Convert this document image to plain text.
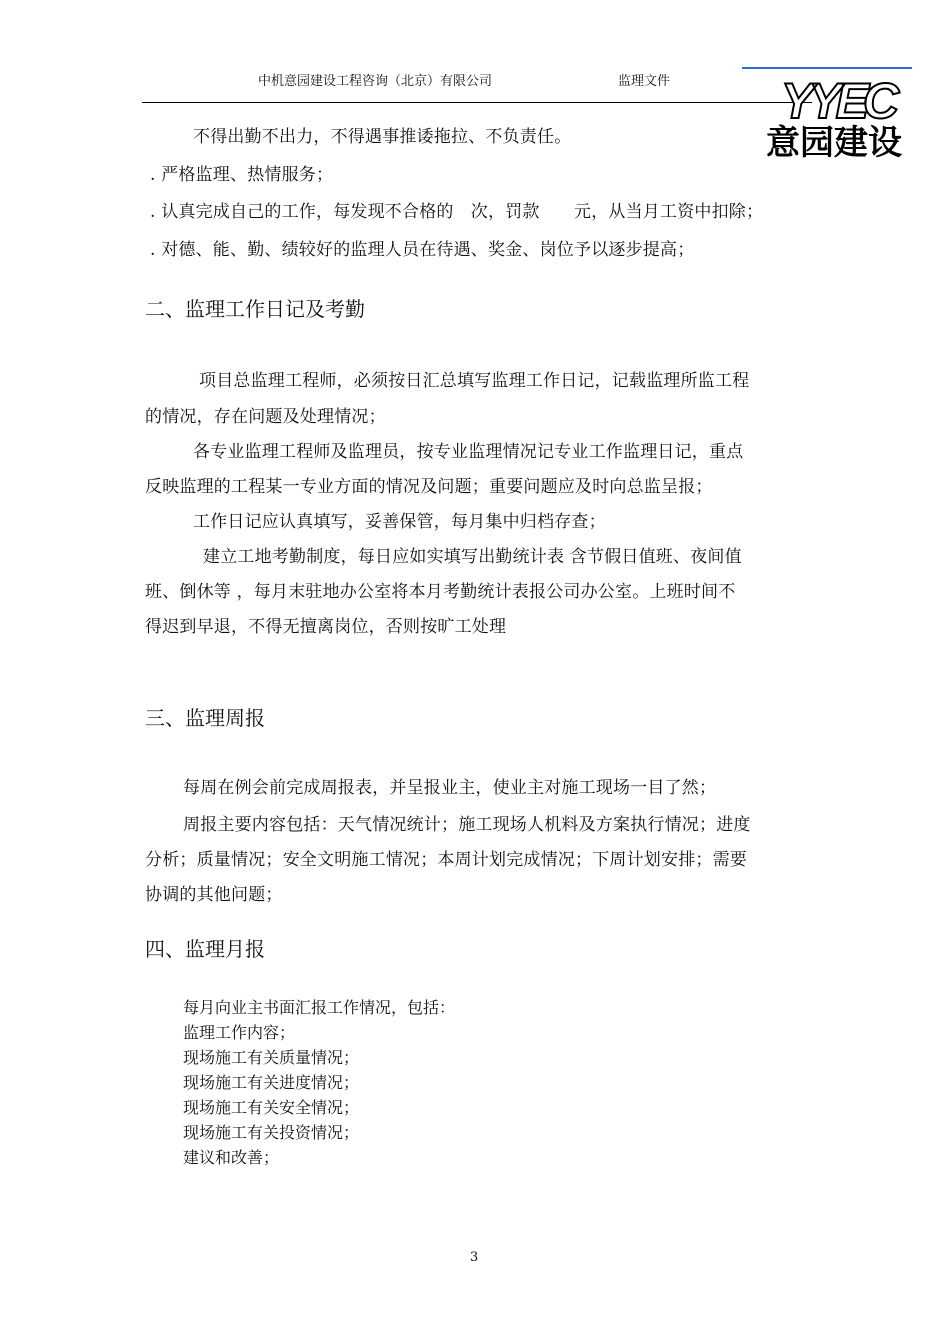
中机意园建设工程咨询（北京）有限公司	监理文件 YYEC
意园建设
不得出勤不出力，不得遇事推诿拖拉、不负责任。
. 严格监理、热情服务；
. 认真完成自己的工作，每发现不合格的　次，罚款　　元，从当月工资中扣除；
. 对德、能、勤、绩较好的监理人员在待遇、奖金、岗位予以逐步提高；
二、监理工作日记及考勤
项目总监理工程师，必须按日汇总填写监理工作日记，记载监理所监工程
的情况，存在问题及处理情况；
各专业监理工程师及监理员，按专业监理情况记专业工作监理日记，重点
反映监理的工程某一专业方面的情况及问题；重要问题应及时向总监呈报；
工作日记应认真填写，妥善保管，每月集中归档存查；
建立工地考勤制度，每日应如实填写出勤统计表 含节假日值班、夜间值
班、倒休等 ，每月末驻地办公室将本月考勤统计表报公司办公室。上班时间不
得迟到早退，不得无擅离岗位，否则按旷工处理
三、监理周报
每周在例会前完成周报表，并呈报业主，使业主对施工现场一目了然；
周报主要内容包括：天气情况统计；施工现场人机料及方案执行情况；进度
分析；质量情况；安全文明施工情况；本周计划完成情况；下周计划安排；需要
协调的其他问题；
四、监理月报
每月向业主书面汇报工作情况，包括：
监理工作内容；
现场施工有关质量情况；
现场施工有关进度情况；
现场施工有关安全情况；
现场施工有关投资情况；
建议和改善；
3
